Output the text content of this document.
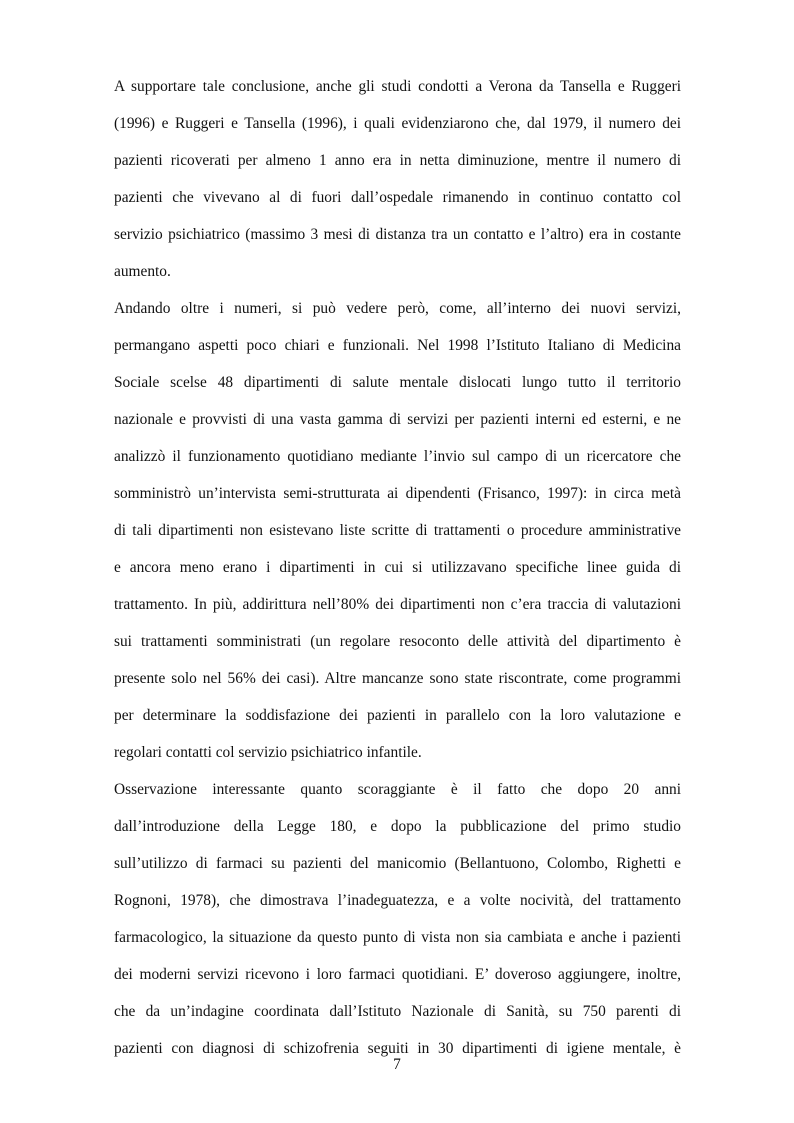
A supportare tale conclusione, anche gli studi condotti a Verona da Tansella e Ruggeri
(1996) e Ruggeri e Tansella (1996), i quali evidenziarono che, dal 1979, il numero dei
pazienti ricoverati per almeno 1 anno era in netta diminuzione, mentre il numero di
pazienti che vivevano al di fuori dall’ospedale rimanendo in continuo contatto col
servizio psichiatrico (massimo 3 mesi di distanza tra un contatto e l’altro) era in costante
aumento.
Andando oltre i numeri, si può vedere però, come, all’interno dei nuovi servizi,
permangano aspetti poco chiari e funzionali. Nel 1998 l’Istituto Italiano di Medicina
Sociale scelse 48 dipartimenti di salute mentale dislocati lungo tutto il territorio
nazionale e provvisti di una vasta gamma di servizi per pazienti interni ed esterni, e ne
analizzò il funzionamento quotidiano mediante l’invio sul campo di un ricercatore che
somministrò un’intervista semi-strutturata ai dipendenti (Frisanco, 1997): in circa metà
di tali dipartimenti non esistevano liste scritte di trattamenti o procedure amministrative
e ancora meno erano i dipartimenti in cui si utilizzavano specifiche linee guida di
trattamento. In più, addirittura nell’80% dei dipartimenti non c’era traccia di valutazioni
sui trattamenti somministrati (un regolare resoconto delle attività del dipartimento è
presente solo nel 56% dei casi). Altre mancanze sono state riscontrate, come programmi
per determinare la soddisfazione dei pazienti in parallelo con la loro valutazione e
regolari contatti col servizio psichiatrico infantile.
Osservazione interessante quanto scoraggiante è il fatto che dopo 20 anni
dall’introduzione della Legge 180, e dopo la pubblicazione del primo studio
sull’utilizzo di farmaci su pazienti del manicomio (Bellantuono, Colombo, Righetti e
Rognoni, 1978), che dimostrava l’inadeguatezza, e a volte nocività, del trattamento
farmacologico, la situazione da questo punto di vista non sia cambiata e anche i pazienti
dei moderni servizi ricevono i loro farmaci quotidiani. E’ doveroso aggiungere, inoltre,
che da un’indagine coordinata dall’Istituto Nazionale di Sanità, su 750 parenti di
pazienti con diagnosi di schizofrenia seguiti in 30 dipartimenti di igiene mentale, è
7
